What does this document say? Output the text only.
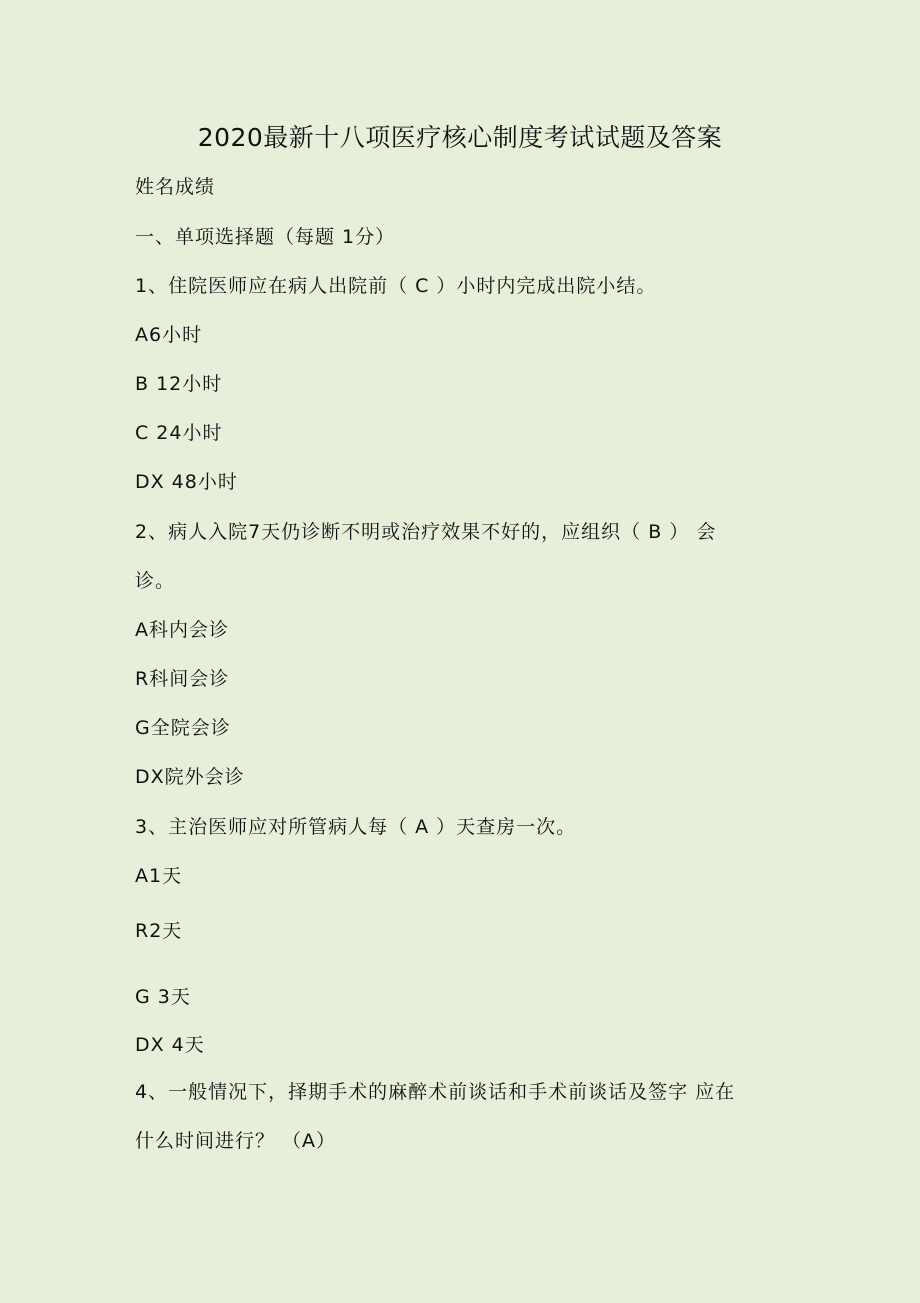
2020最新十八项医疗核心制度考试试题及答案
姓名成绩
一、单项选择题（每题 1分）
1、住院医师应在病人出院前（ C ）小时内完成出院小结。
A6小时
B 12小时
C 24小时
DX 48小时
2、病人入院7天仍诊断不明或治疗效果不好的，应组织（ B ） 会
诊。
A科内会诊
R科间会诊
G全院会诊
DX院外会诊
3、主治医师应对所管病人每（ A ）天查房一次。
A1天
R2天
G 3天
DX 4天
4、一般情况下，择期手术的麻醉术前谈话和手术前谈话及签字 应在
什么时间进行？ （A）
